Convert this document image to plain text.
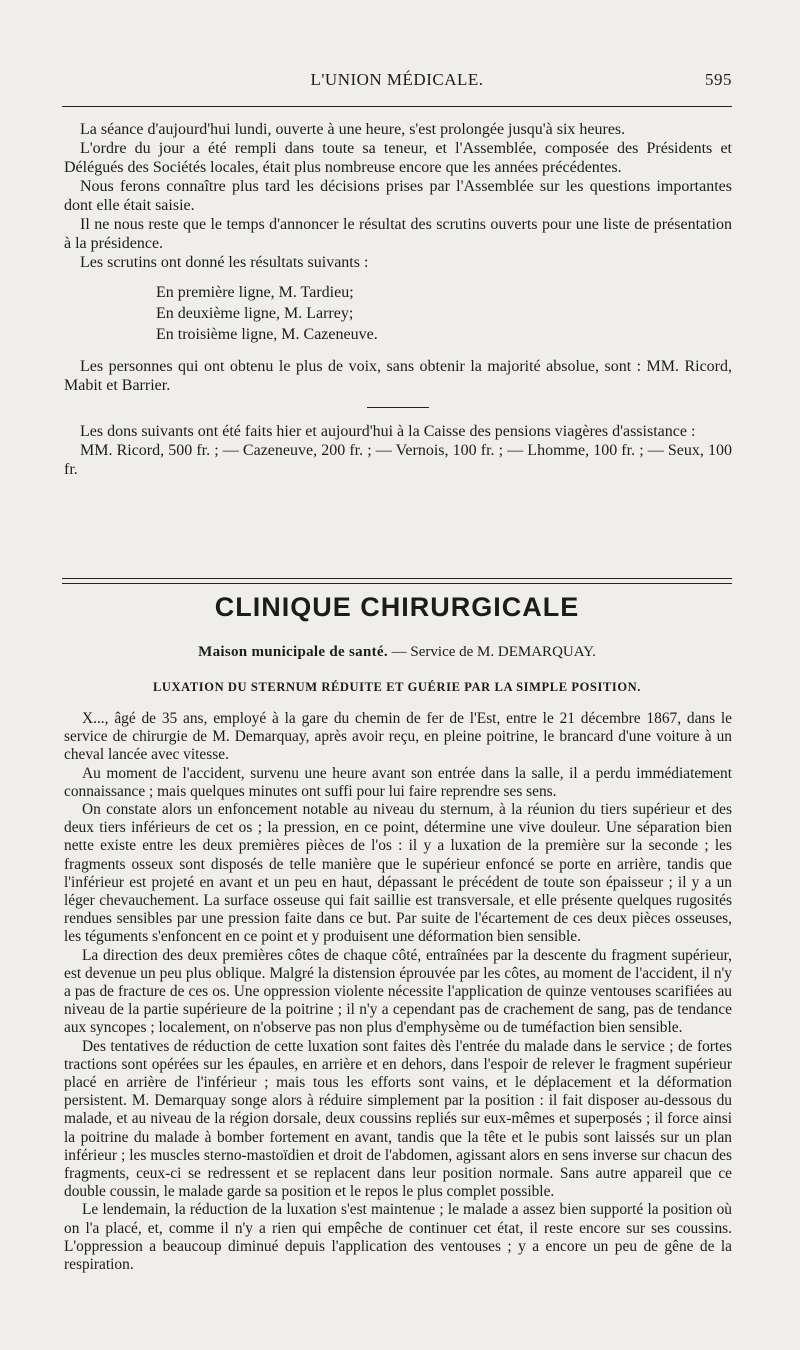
L'UNION MÉDICALE.	595

La séance d'aujourd'hui lundi, ouverte à une heure, s'est prolongée jusqu'à six heures.

L'ordre du jour a été rempli dans toute sa teneur, et l'Assemblée, composée des Présidents et Délégués des Sociétés locales, était plus nombreuse encore que les années précédentes.

Nous ferons connaître plus tard les décisions prises par l'Assemblée sur les questions importantes dont elle était saisie.

Il ne nous reste que le temps d'annoncer le résultat des scrutins ouverts pour une liste de présentation à la présidence.

Les scrutins ont donné les résultats suivants :

En première ligne, M. Tardieu;
En deuxième ligne, M. Larrey;
En troisième ligne, M. Cazeneuve.

Les personnes qui ont obtenu le plus de voix, sans obtenir la majorité absolue, sont : MM. Ricord, Mabit et Barrier.

Les dons suivants ont été faits hier et aujourd'hui à la Caisse des pensions viagères d'assistance :

MM. Ricord, 500 fr. ; — Cazeneuve, 200 fr. ; — Vernois, 100 fr. ; — Lhomme, 100 fr. ; — Seux, 100 fr.

CLINIQUE CHIRURGICALE
Maison municipale de santé. — Service de M. DEMARQUAY.
LUXATION DU STERNUM RÉDUITE ET GUÉRIE PAR LA SIMPLE POSITION.

X..., âgé de 35 ans, employé à la gare du chemin de fer de l'Est, entre le 21 décembre 1867, dans le service de chirurgie de M. Demarquay, après avoir reçu, en pleine poitrine, le brancard d'une voiture à un cheval lancée avec vitesse.

Au moment de l'accident, survenu une heure avant son entrée dans la salle, il a perdu immédiatement connaissance ; mais quelques minutes ont suffi pour lui faire reprendre ses sens.

On constate alors un enfoncement notable au niveau du sternum, à la réunion du tiers supérieur et des deux tiers inférieurs de cet os ; la pression, en ce point, détermine une vive douleur. Une séparation bien nette existe entre les deux premières pièces de l'os : il y a luxation de la première sur la seconde ; les fragments osseux sont disposés de telle manière que le supérieur enfoncé se porte en arrière, tandis que l'inférieur est projeté en avant et un peu en haut, dépassant le précédent de toute son épaisseur ; il y a un léger chevauchement. La surface osseuse qui fait saillie est transversale, et elle présente quelques rugosités rendues sensibles par une pression faite dans ce but. Par suite de l'écartement de ces deux pièces osseuses, les téguments s'enfoncent en ce point et y produisent une déformation bien sensible.

La direction des deux premières côtes de chaque côté, entraînées par la descente du fragment supérieur, est devenue un peu plus oblique. Malgré la distension éprouvée par les côtes, au moment de l'accident, il n'y a pas de fracture de ces os. Une oppression violente nécessite l'application de quinze ventouses scarifiées au niveau de la partie supérieure de la poitrine ; il n'y a cependant pas de crachement de sang, pas de tendance aux syncopes ; localement, on n'observe pas non plus d'emphysème ou de tuméfaction bien sensible.

Des tentatives de réduction de cette luxation sont faites dès l'entrée du malade dans le service ; de fortes tractions sont opérées sur les épaules, en arrière et en dehors, dans l'espoir de relever le fragment supérieur placé en arrière de l'inférieur ; mais tous les efforts sont vains, et le déplacement et la déformation persistent. M. Demarquay songe alors à réduire simplement par la position : il fait disposer au-dessous du malade, et au niveau de la région dorsale, deux coussins repliés sur eux-mêmes et superposés ; il force ainsi la poitrine du malade à bomber fortement en avant, tandis que la tête et le pubis sont laissés sur un plan inférieur ; les muscles sterno-mastoïdien et droit de l'abdomen, agissant alors en sens inverse sur chacun des fragments, ceux-ci se redressent et se replacent dans leur position normale. Sans autre appareil que ce double coussin, le malade garde sa position et le repos le plus complet possible.

Le lendemain, la réduction de la luxation s'est maintenue ; le malade a assez bien supporté la position où on l'a placé, et, comme il n'y a rien qui empêche de continuer cet état, il reste encore sur ses coussins. L'oppression a beaucoup diminué depuis l'application des ventouses ; y a encore un peu de gêne de la respiration.
